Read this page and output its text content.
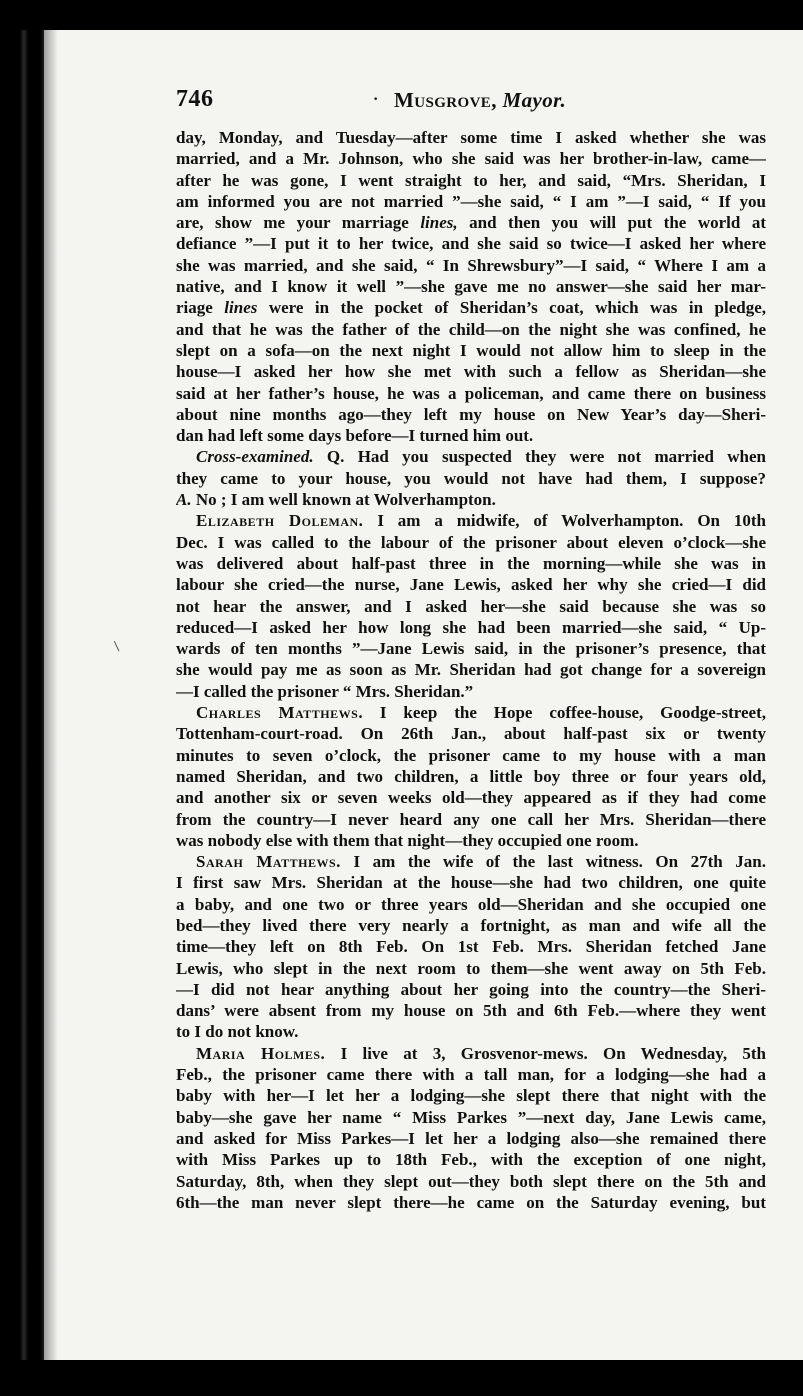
746	· Musgrove, Mayor.
day, Monday, and Tuesday—after some time I asked whether she was
married, and a Mr. Johnson, who she said was her brother-in-law, came—
after he was gone, I went straight to her, and said, “Mrs. Sheridan, I
am informed you are not married ”—she said, “ I am ”—I said, “ If you
are, show me your marriage lines, and then you will put the world at
defiance ”—I put it to her twice, and she said so twice—I asked her where
she was married, and she said, “ In Shrewsbury”—I said, “ Where I am a
native, and I know it well ”—she gave me no answer—she said her mar-
riage lines were in the pocket of Sheridan’s coat, which was in pledge,
and that he was the father of the child—on the night she was confined, he
slept on a sofa—on the next night I would not allow him to sleep in the
house—I asked her how she met with such a fellow as Sheridan—she
said at her father’s house, he was a policeman, and came there on business
about nine months ago—they left my house on New Year’s day—Sheri-
dan had left some days before—I turned him out.
Cross-examined. Q. Had you suspected they were not married when
they came to your house, you would not have had them, I suppose?
A. No ; I am well known at Wolverhampton.
Elizabeth Doleman. I am a midwife, of Wolverhampton. On 10th
Dec. I was called to the labour of the prisoner about eleven o’clock—she
was delivered about half-past three in the morning—while she was in
labour she cried—the nurse, Jane Lewis, asked her why she cried—I did
not hear the answer, and I asked her—she said because she was so
reduced—I asked her how long she had been married—she said, “ Up-
wards of ten months ”—Jane Lewis said, in the prisoner’s presence, that
she would pay me as soon as Mr. Sheridan had got change for a sovereign
—I called the prisoner “ Mrs. Sheridan.”
Charles Matthews. I keep the Hope coffee-house, Goodge-street,
Tottenham-court-road. On 26th Jan., about half-past six or twenty
minutes to seven o’clock, the prisoner came to my house with a man
named Sheridan, and two children, a little boy three or four years old,
and another six or seven weeks old—they appeared as if they had come
from the country—I never heard any one call her Mrs. Sheridan—there
was nobody else with them that night—they occupied one room.
Sarah Matthews. I am the wife of the last witness. On 27th Jan.
I first saw Mrs. Sheridan at the house—she had two children, one quite
a baby, and one two or three years old—Sheridan and she occupied one
bed—they lived there very nearly a fortnight, as man and wife all the
time—they left on 8th Feb. On 1st Feb. Mrs. Sheridan fetched Jane
Lewis, who slept in the next room to them—she went away on 5th Feb.
—I did not hear anything about her going into the country—the Sheri-
dans’ were absent from my house on 5th and 6th Feb.—where they went
to I do not know.
Maria Holmes. I live at 3, Grosvenor-mews. On Wednesday, 5th
Feb., the prisoner came there with a tall man, for a lodging—she had a
baby with her—I let her a lodging—she slept there that night with the
baby—she gave her name “ Miss Parkes ”—next day, Jane Lewis came,
and asked for Miss Parkes—I let her a lodging also—she remained there
with Miss Parkes up to 18th Feb., with the exception of one night,
Saturday, 8th, when they slept out—they both slept there on the 5th and
6th—the man never slept there—he came on the Saturday evening, but
